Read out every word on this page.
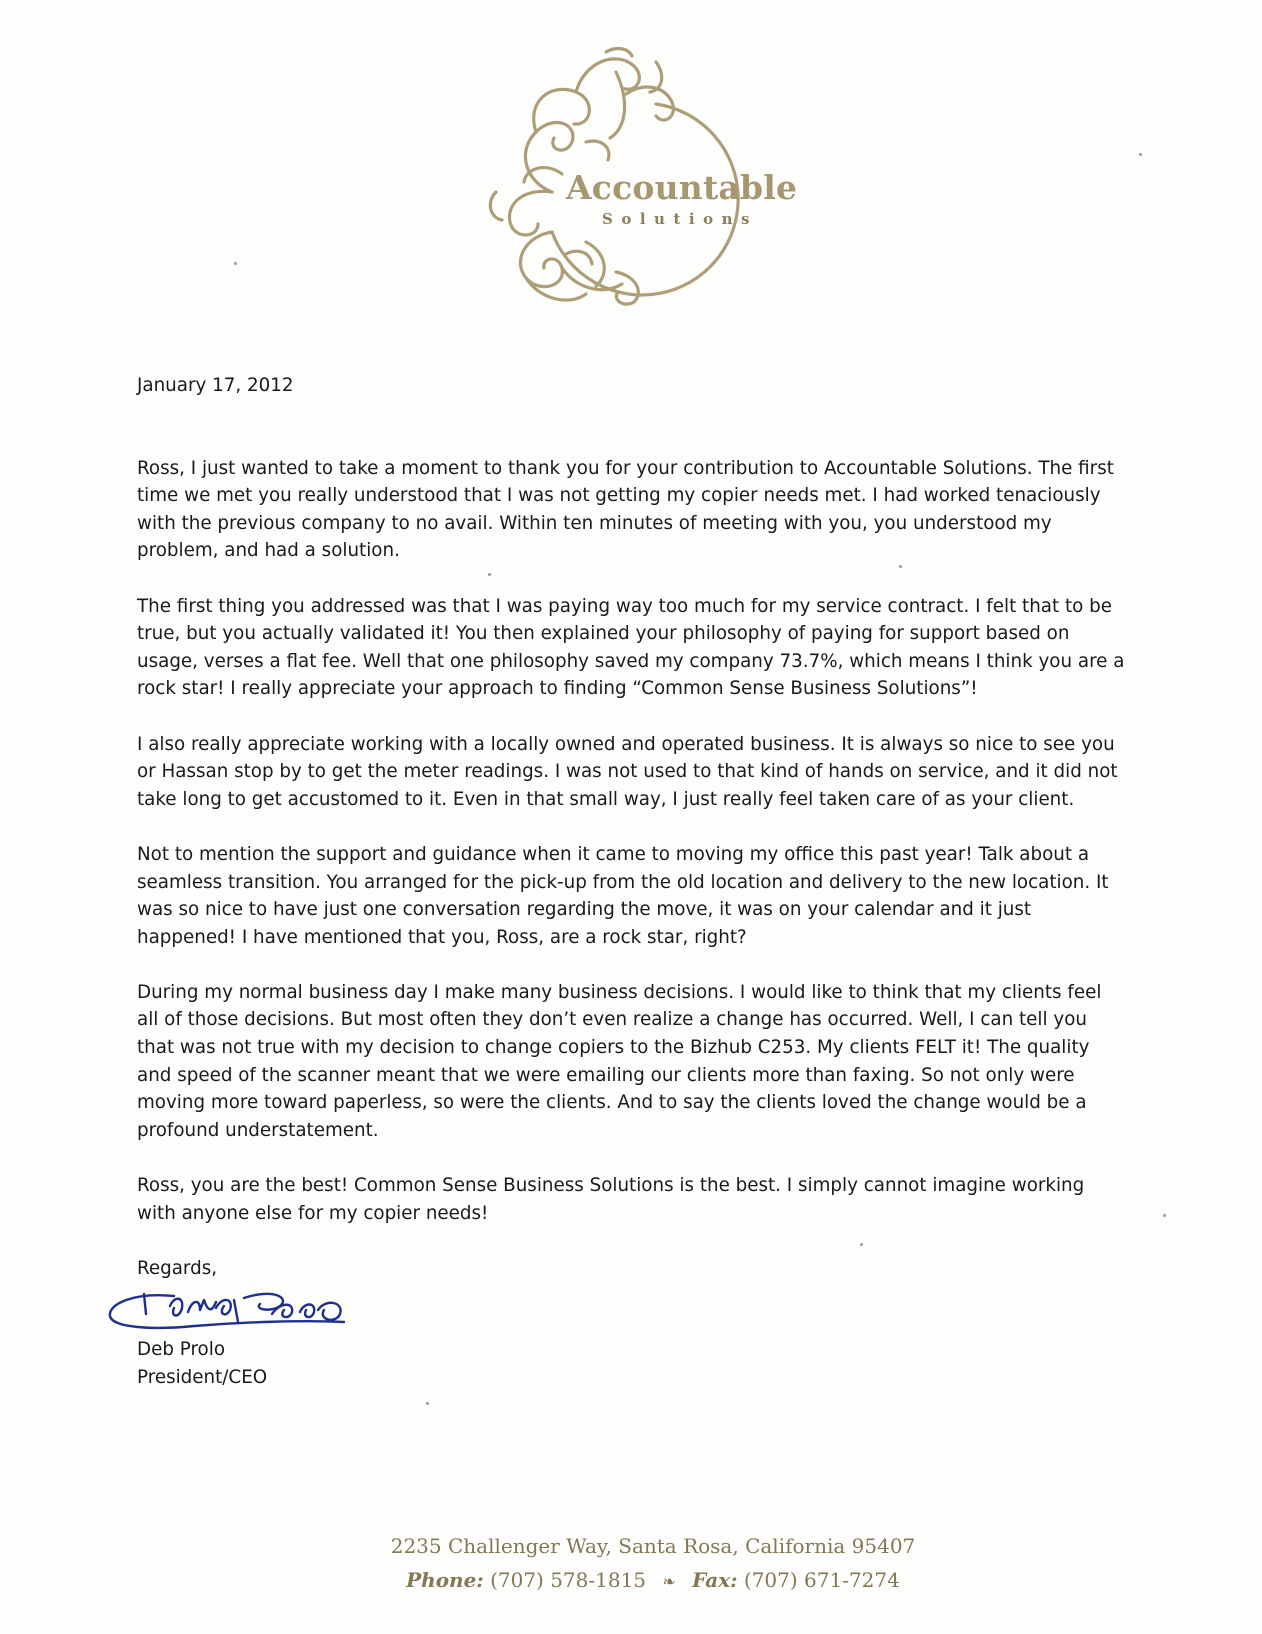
Accountable
Solutions

January 17, 2012

Ross, I just wanted to take a moment to thank you for your contribution to Accountable Solutions. The first time we met you really understood that I was not getting my copier needs met. I had worked tenaciously with the previous company to no avail. Within ten minutes of meeting with you, you understood my problem, and had a solution.

The first thing you addressed was that I was paying way too much for my service contract. I felt that to be true, but you actually validated it! You then explained your philosophy of paying for support based on usage, verses a flat fee. Well that one philosophy saved my company 73.7%, which means I think you are a rock star! I really appreciate your approach to finding “Common Sense Business Solutions”!

I also really appreciate working with a locally owned and operated business. It is always so nice to see you or Hassan stop by to get the meter readings. I was not used to that kind of hands on service, and it did not take long to get accustomed to it. Even in that small way, I just really feel taken care of as your client.

Not to mention the support and guidance when it came to moving my office this past year! Talk about a seamless transition. You arranged for the pick-up from the old location and delivery to the new location. It was so nice to have just one conversation regarding the move, it was on your calendar and it just happened! I have mentioned that you, Ross, are a rock star, right?

During my normal business day I make many business decisions. I would like to think that my clients feel all of those decisions. But most often they don’t even realize a change has occurred. Well, I can tell you that was not true with my decision to change copiers to the Bizhub C253. My clients FELT it! The quality and speed of the scanner meant that we were emailing our clients more than faxing. So not only were moving more toward paperless, so were the clients. And to say the clients loved the change would be a profound understatement.

Ross, you are the best! Common Sense Business Solutions is the best. I simply cannot imagine working with anyone else for my copier needs!

Regards,

Deb Prolo

President/CEO

2235 Challenger Way, Santa Rosa, California 95407
Phone: (707) 578-1815 ❧ Fax: (707) 671-7274
